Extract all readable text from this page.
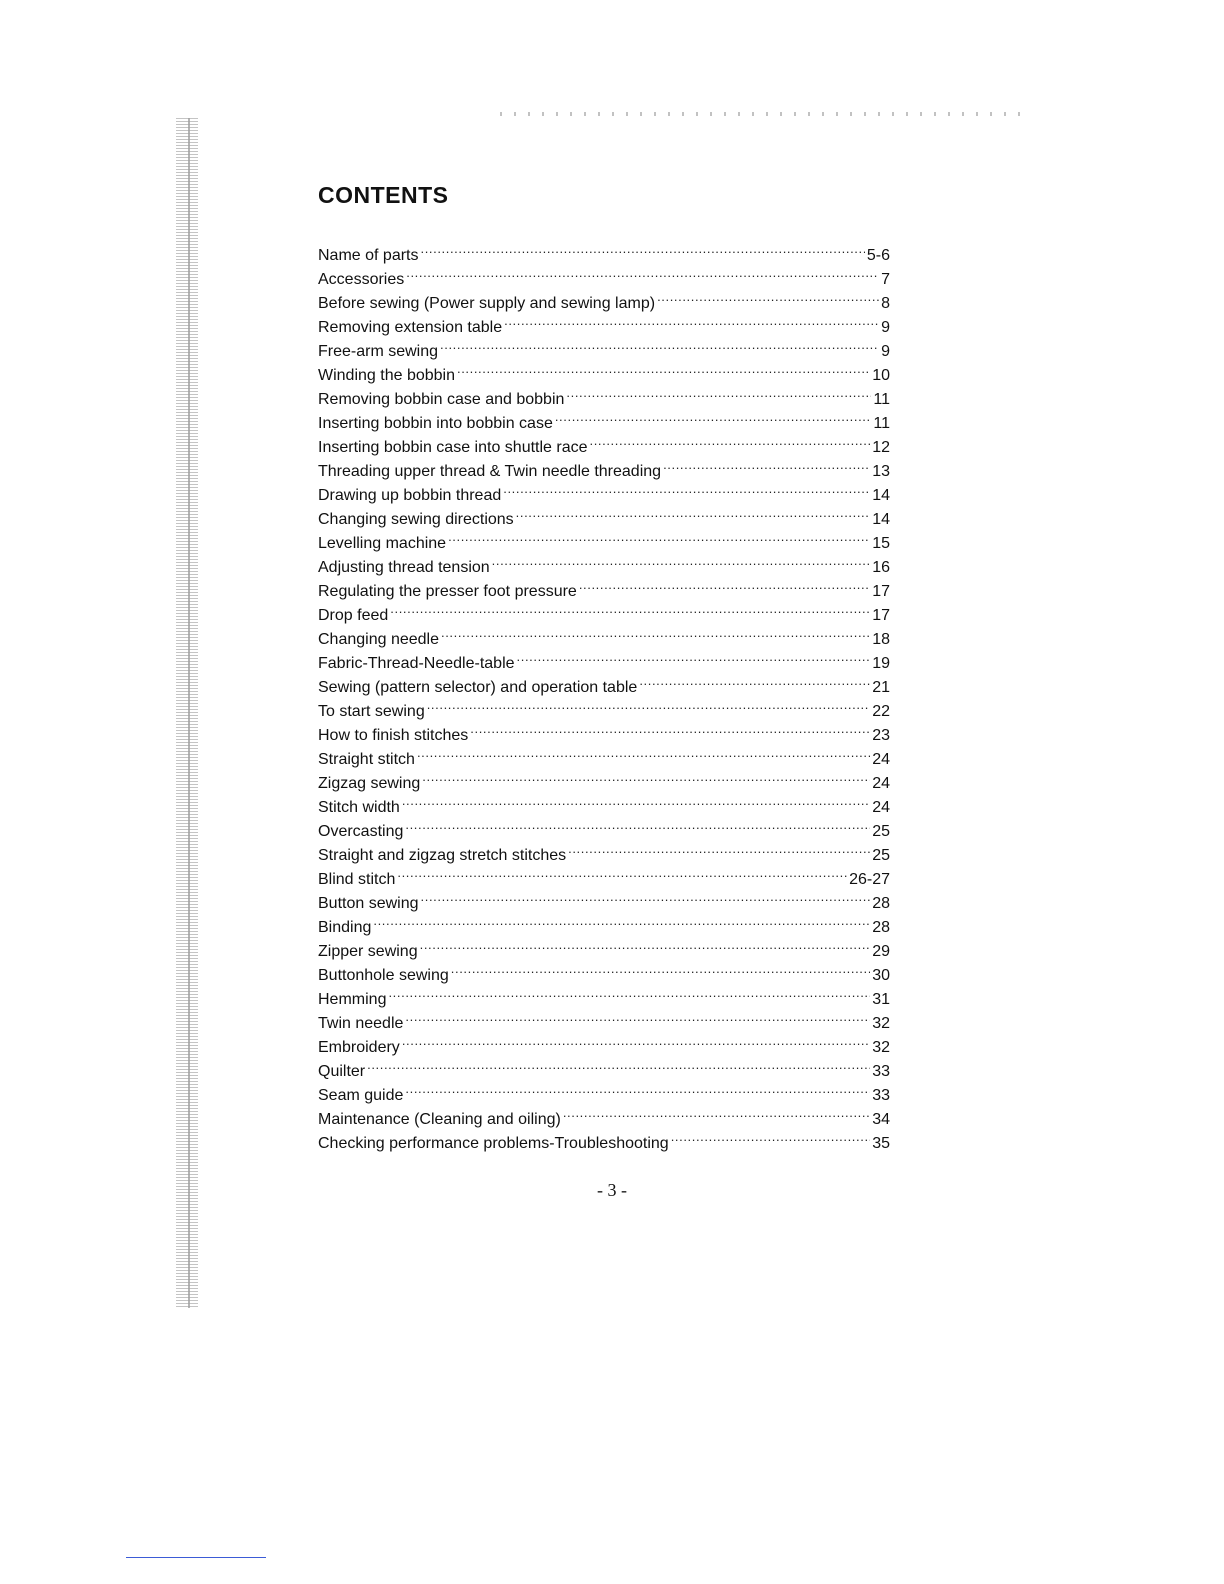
CONTENTS
Name of parts .....	5-6
Accessories .....	7
Before sewing (Power supply and sewing lamp) .....	8
Removing extension table .....	9
Free-arm sewing .....	9
Winding the bobbin .....	10
Removing bobbin case and bobbin .....	11
Inserting bobbin into bobbin case .....	11
Inserting bobbin case into shuttle race .....	12
Threading upper thread & Twin needle threading .....	13
Drawing up bobbin thread .....	14
Changing sewing directions .....	14
Levelling machine .....	15
Adjusting thread tension .....	16
Regulating the presser foot pressure .....	17
Drop feed .....	17
Changing needle .....	18
Fabric-Thread-Needle-table .....	19
Sewing (pattern selector) and operation table .....	21
To start sewing .....	22
How to finish stitches .....	23
Straight stitch .....	24
Zigzag sewing .....	24
Stitch width .....	24
Overcasting .....	25
Straight and zigzag stretch stitches .....	25
Blind stitch .....	26-27
Button sewing .....	28
Binding .....	28
Zipper sewing .....	29
Buttonhole sewing .....	30
Hemming .....	31
Twin needle .....	32
Embroidery .....	32
Quilter .....	33
Seam guide .....	33
Maintenance (Cleaning and oiling) .....	34
Checking performance problems-Troubleshooting .....	35
- 3 -
